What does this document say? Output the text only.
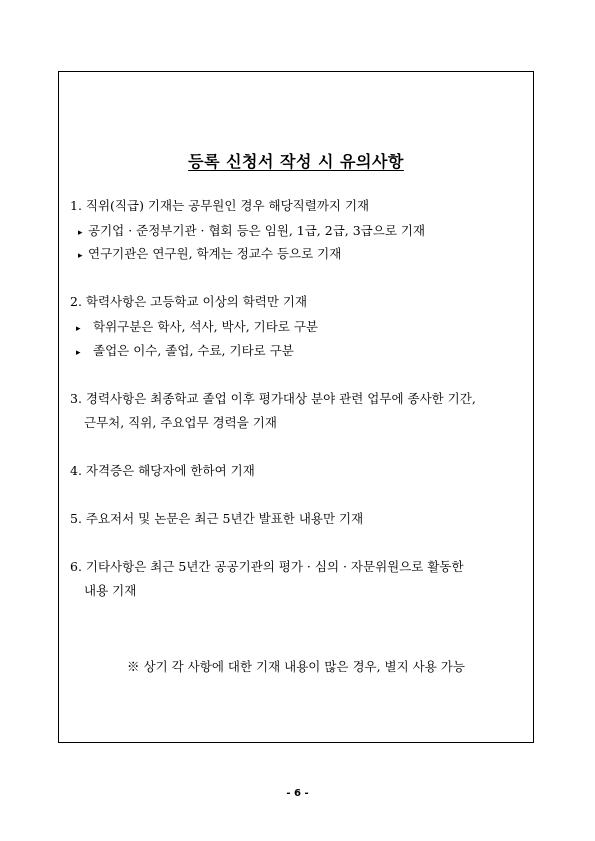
등록 신청서 작성 시 유의사항
1. 직위(직급) 기재는 공무원인 경우 해당직렬까지 기재
▸ 공기업 · 준정부기관 · 협회 등은 임원, 1급, 2급, 3급으로 기재
▸ 연구기관은 연구원, 학계는 정교수 등으로 기재
2. 학력사항은 고등학교 이상의 학력만 기재
▸ 학위구분은 학사, 석사, 박사, 기타로 구분
▸ 졸업은 이수, 졸업, 수료, 기타로 구분
3. 경력사항은 최종학교 졸업 이후 평가대상 분야 관련 업무에 종사한 기간,
근무처, 직위, 주요업무 경력을 기재
4. 자격증은 해당자에 한하여 기재
5. 주요저서 및 논문은 최근 5년간 발표한 내용만 기재
6. 기타사항은 최근 5년간 공공기관의 평가 · 심의 · 자문위원으로 활동한
내용 기재
※ 상기 각 사항에 대한 기재 내용이 많은 경우, 별지 사용 가능
- 6 -
